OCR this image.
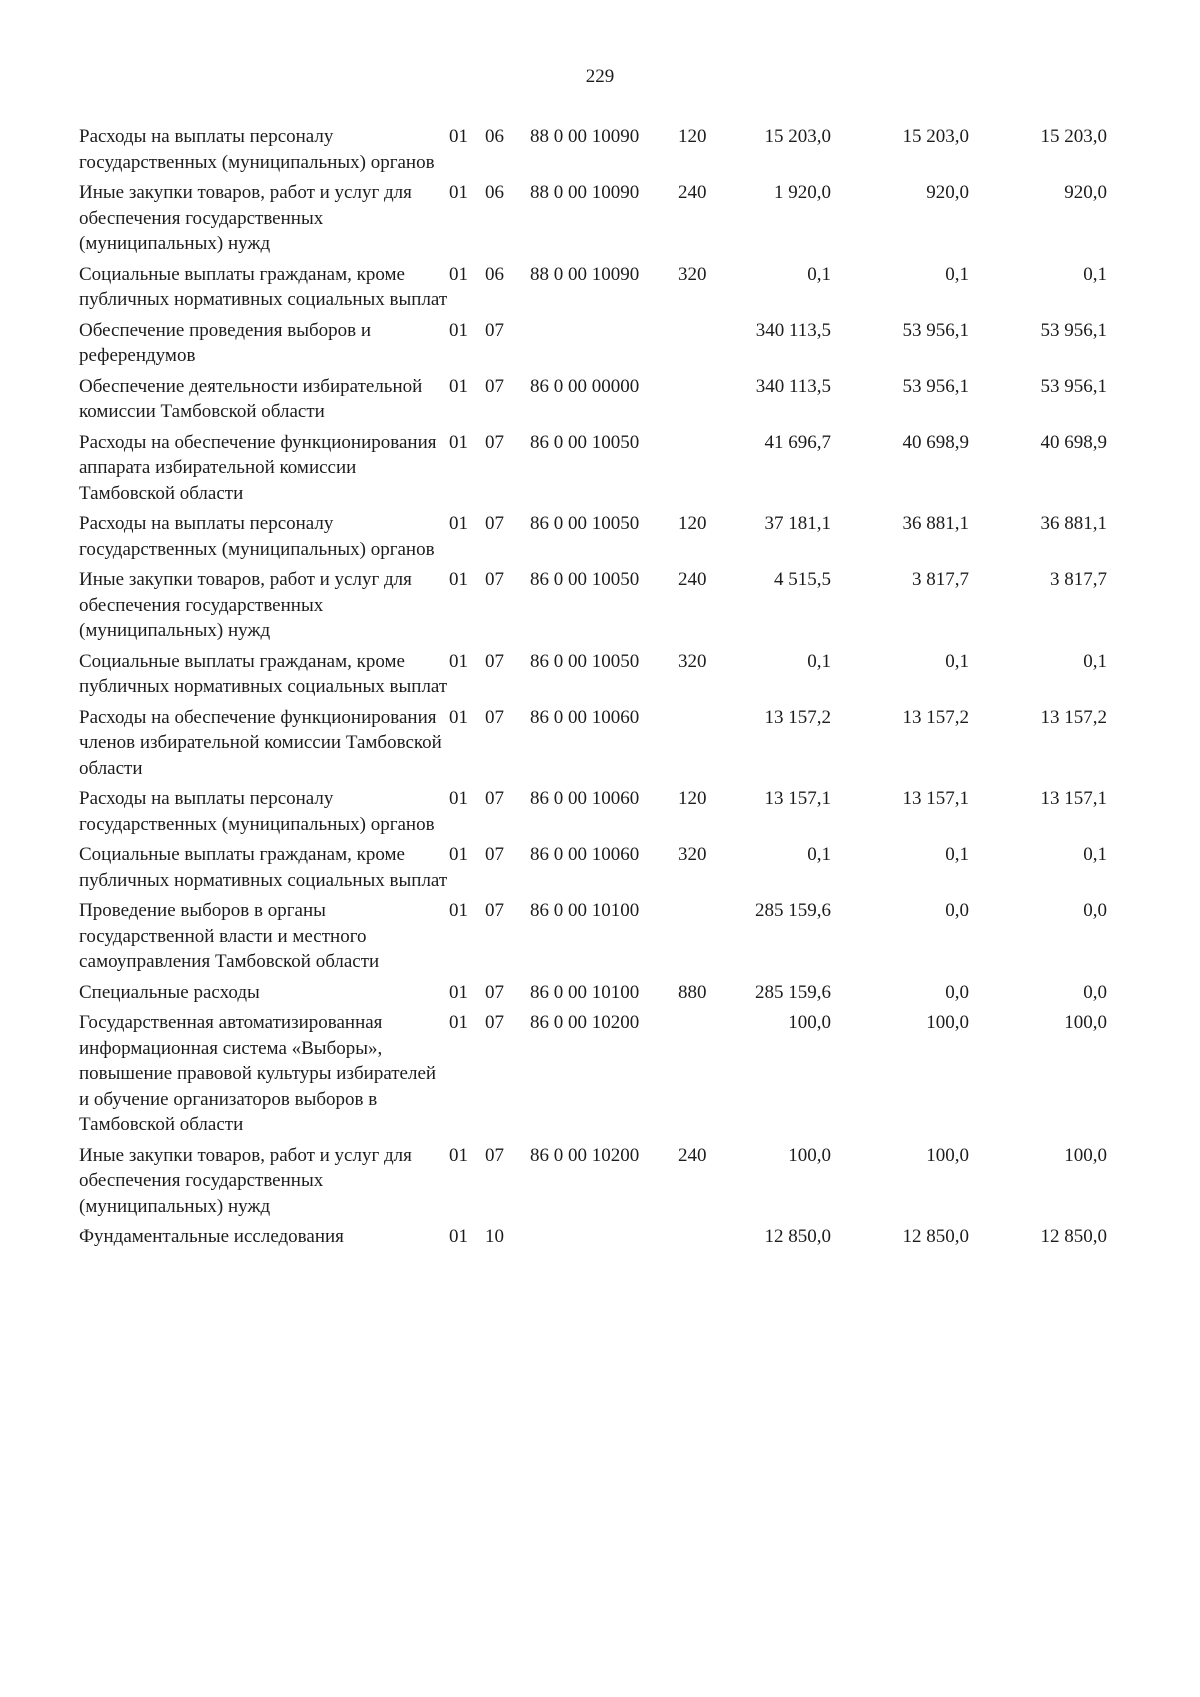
229
Расходы на выплаты персоналу государственных (муниципальных) органов	01	06	88 0 00 10090	120	15 203,0	15 203,0	15 203,0
Иные закупки товаров, работ и услуг для обеспечения государственных (муниципальных) нужд	01	06	88 0 00 10090	240	1 920,0	920,0	920,0
Социальные выплаты гражданам, кроме публичных нормативных социальных выплат	01	06	88 0 00 10090	320	0,1	0,1	0,1
Обеспечение проведения выборов и референдумов	01	07			340 113,5	53 956,1	53 956,1
Обеспечение деятельности избирательной комиссии Тамбовской области	01	07	86 0 00 00000		340 113,5	53 956,1	53 956,1
Расходы на обеспечение функционирования аппарата избирательной комиссии Тамбовской области	01	07	86 0 00 10050		41 696,7	40 698,9	40 698,9
Расходы на выплаты персоналу государственных (муниципальных) органов	01	07	86 0 00 10050	120	37 181,1	36 881,1	36 881,1
Иные закупки товаров, работ и услуг для обеспечения государственных (муниципальных) нужд	01	07	86 0 00 10050	240	4 515,5	3 817,7	3 817,7
Социальные выплаты гражданам, кроме публичных нормативных социальных выплат	01	07	86 0 00 10050	320	0,1	0,1	0,1
Расходы на обеспечение функционирования членов избирательной комиссии Тамбовской области	01	07	86 0 00 10060		13 157,2	13 157,2	13 157,2
Расходы на выплаты персоналу государственных (муниципальных) органов	01	07	86 0 00 10060	120	13 157,1	13 157,1	13 157,1
Социальные выплаты гражданам, кроме публичных нормативных социальных выплат	01	07	86 0 00 10060	320	0,1	0,1	0,1
Проведение выборов в органы государственной власти и местного самоуправления Тамбовской области	01	07	86 0 00 10100		285 159,6	0,0	0,0
Специальные расходы	01	07	86 0 00 10100	880	285 159,6	0,0	0,0
Государственная автоматизированная информационная система «Выборы», повышение правовой культуры избирателей и обучение организаторов выборов в Тамбовской области	01	07	86 0 00 10200		100,0	100,0	100,0
Иные закупки товаров, работ и услуг для обеспечения государственных (муниципальных) нужд	01	07	86 0 00 10200	240	100,0	100,0	100,0
Фундаментальные исследования	01	10			12 850,0	12 850,0	12 850,0
